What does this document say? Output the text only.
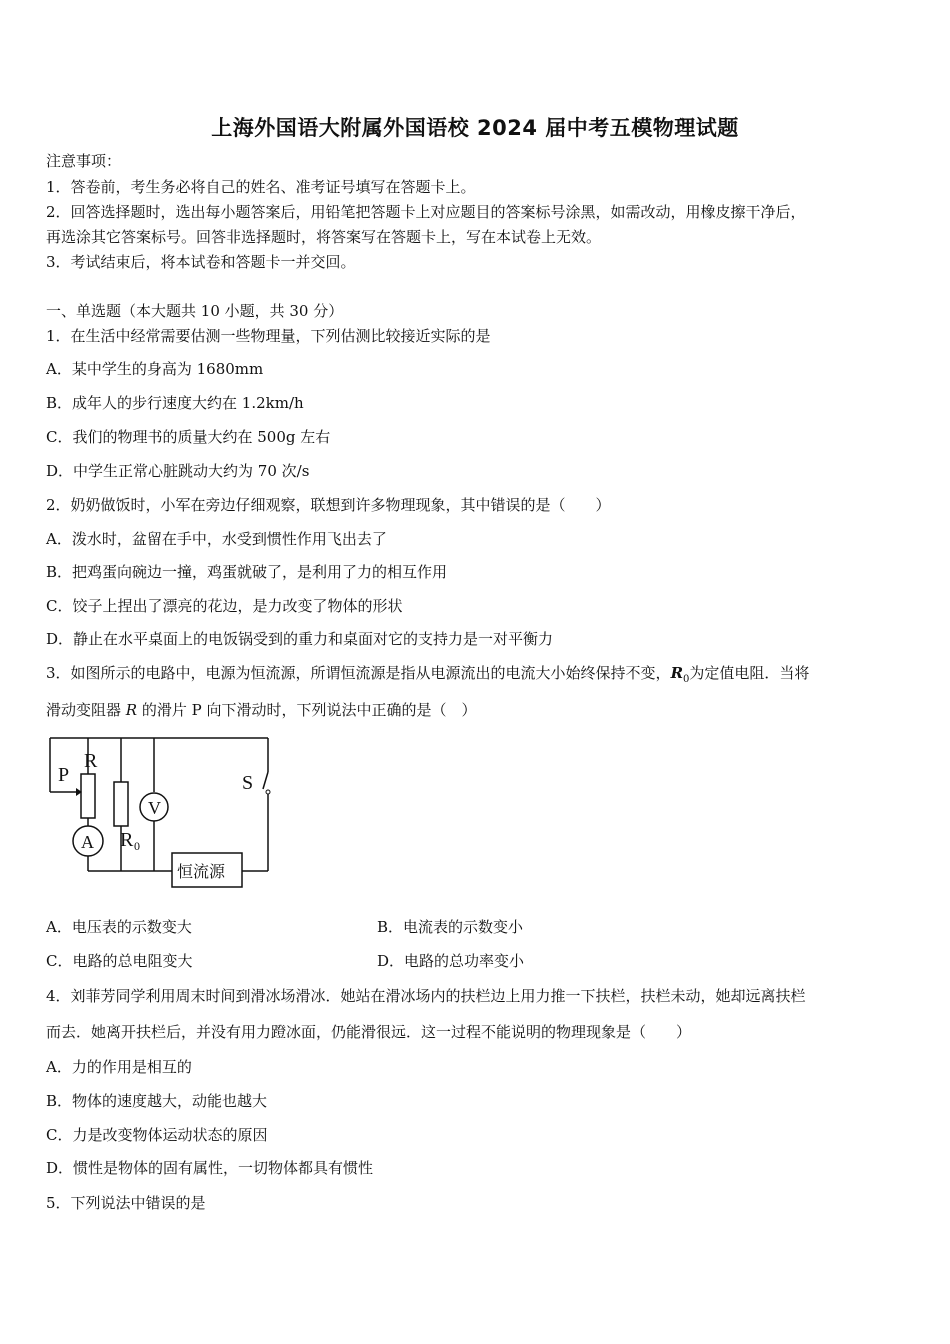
上海外国语大附属外国语校 2024 届中考五模物理试题
注意事项：
1．答卷前，考生务必将自己的姓名、准考证号填写在答题卡上。
2．回答选择题时，选出每小题答案后，用铅笔把答题卡上对应题目的答案标号涂黑，如需改动，用橡皮擦干净后，
再选涂其它答案标号。回答非选择题时，将答案写在答题卡上，写在本试卷上无效。
3．考试结束后，将本试卷和答题卡一并交回。
一、单选题（本大题共 10 小题，共 30 分）
1．在生活中经常需要估测一些物理量，下列估测比较接近实际的是
A．某中学生的身高为 1680mm
B．成年人的步行速度大约在 1.2km/h
C．我们的物理书的质量大约在 500g 左右
D．中学生正常心脏跳动大约为 70 次/s
2．奶奶做饭时，小军在旁边仔细观察，联想到许多物理现象，其中错误的是（　　）
A．泼水时，盆留在手中，水受到惯性作用飞出去了
B．把鸡蛋向碗边一撞，鸡蛋就破了，是利用了力的相互作用
C．饺子上捏出了漂亮的花边，是力改变了物体的形状
D．静止在水平桌面上的电饭锅受到的重力和桌面对它的支持力是一对平衡力
3．如图所示的电路中，电源为恒流源，所谓恒流源是指从电源流出的电流大小始终保持不变，$R_0$为定值电阻．当将
滑动变阻器 R 的滑片 P 向下滑动时，下列说法中正确的是（　）
P
R
S
V
A R 0
恒流源
A．电压表的示数变大	B．电流表的示数变小
C．电路的总电阻变大	D．电路的总功率变小
4．刘菲芳同学利用周末时间到滑冰场滑冰．她站在滑冰场内的扶栏边上用力推一下扶栏，扶栏未动，她却远离扶栏
而去．她离开扶栏后，并没有用力蹬冰面，仍能滑很远．这一过程不能说明的物理现象是（　　）
A．力的作用是相互的
B．物体的速度越大，动能也越大
C．力是改变物体运动状态的原因
D．惯性是物体的固有属性，一切物体都具有惯性
5．下列说法中错误的是
